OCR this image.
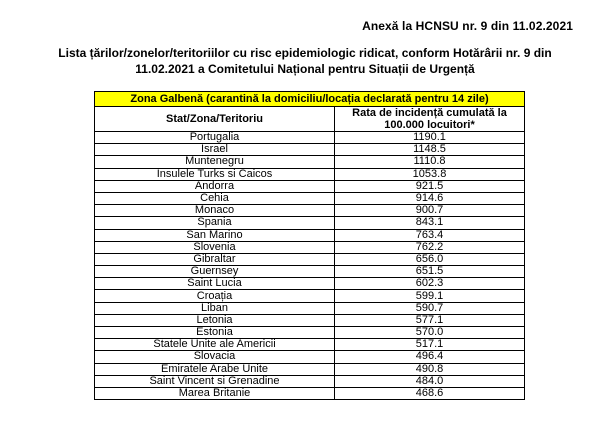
Anexă la HCNSU nr. 9 din 11.02.2021
Lista țărilor/zonelor/teritoriilor cu risc epidemiologic ridicat, conform Hotărârii nr. 9 din
11.02.2021 a Comitetului Național pentru Situații de Urgență
Zona Galbenă (carantină la domiciliu/locația declarată pentru 14 zile)	
Stat/Zona/Teritoriu	Rata de incidență cumulată la
100.000 locuitori*

Portugalia	1190.1
Israel	1148.5
Muntenegru	1110.8
Insulele Turks si Caicos	1053.8
Andorra	921.5
Cehia	914.6
Monaco	900.7
Spania	843.1
San Marino	763.4
Slovenia	762.2
Gibraltar	656.0
Guernsey	651.5
Saint Lucia	602.3
Croația	599.1
Liban	590.7
Letonia	577.1
Estonia	570.0
Statele Unite ale Americii	517.1
Slovacia	496.4
Emiratele Arabe Unite	490.8
Saint Vincent si Grenadine	484.0
Marea Britanie	468.6
